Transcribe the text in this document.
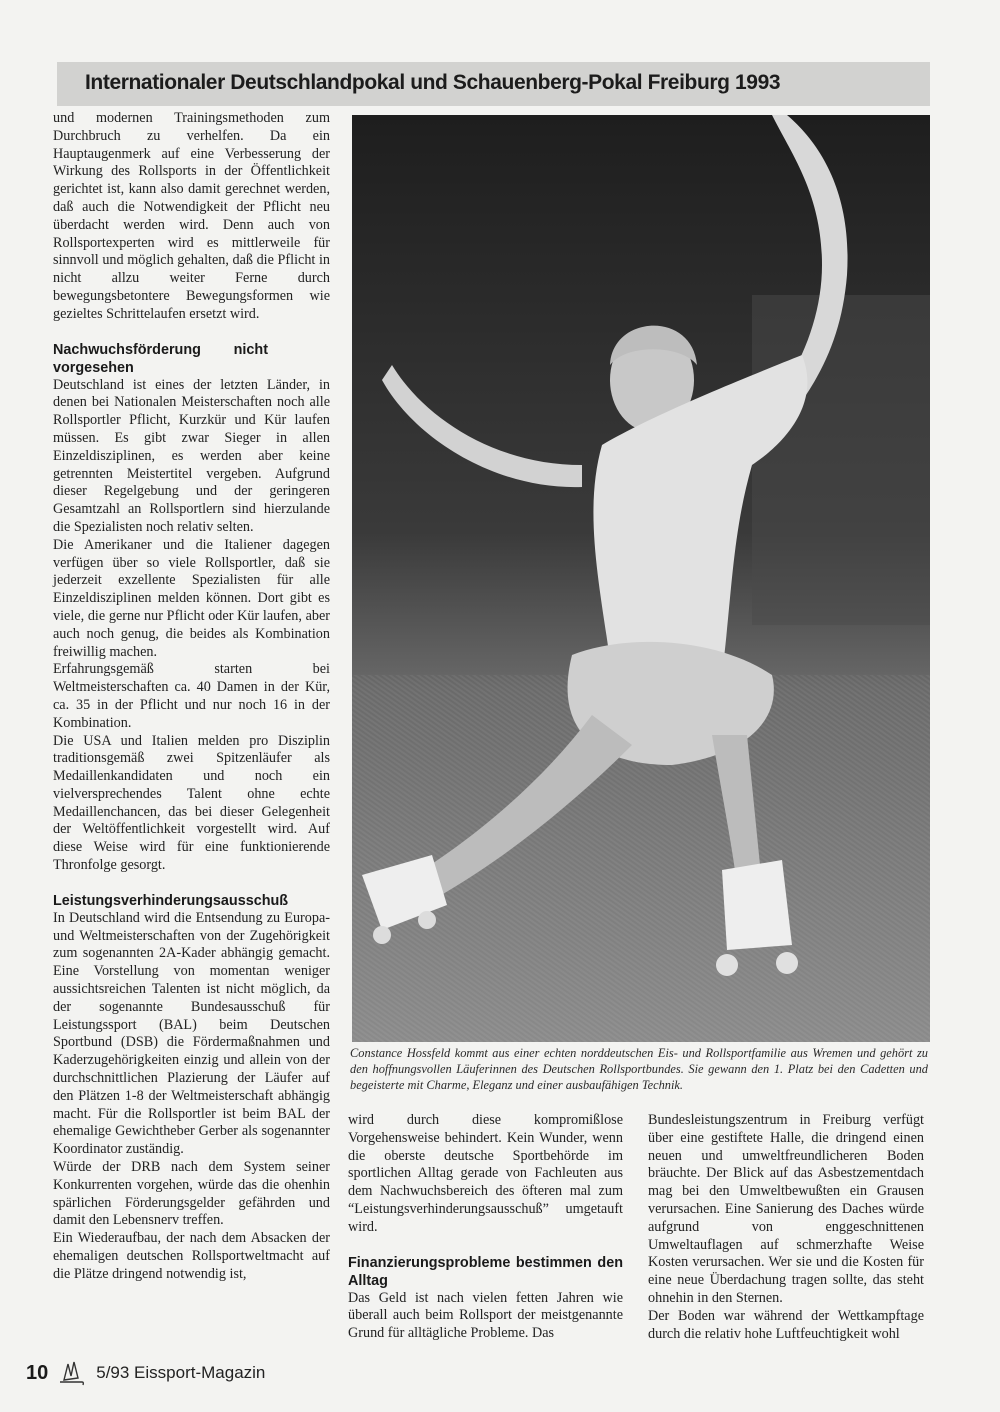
Internationaler Deutschlandpokal und Schauenberg-Pokal Freiburg 1993

und modernen Trainingsmethoden zum Durchbruch zu verhelfen. Da ein Hauptaugenmerk auf eine Verbesserung der Wirkung des Rollsports in der Öffentlichkeit gerichtet ist, kann also damit gerechnet werden, daß auch die Notwendigkeit der Pflicht neu überdacht werden wird. Denn auch von Rollsportexperten wird es mittlerweile für sinnvoll und möglich gehalten, daß die Pflicht in nicht allzu weiter Ferne durch bewegungsbetontere Bewegungsformen wie gezieltes Schrittelaufen ersetzt wird.

Nachwuchsförderung nicht vorgesehen

Deutschland ist eines der letzten Länder, in denen bei Nationalen Meisterschaften noch alle Rollsportler Pflicht, Kurzkür und Kür laufen müssen. Es gibt zwar Sieger in allen Einzeldisziplinen, es werden aber keine getrennten Meistertitel vergeben. Aufgrund dieser Regelgebung und der geringeren Gesamtzahl an Rollsportlern sind hierzulande die Spezialisten noch relativ selten.

Die Amerikaner und die Italiener dagegen verfügen über so viele Rollsportler, daß sie jederzeit exzellente Spezialisten für alle Einzeldisziplinen melden können. Dort gibt es viele, die gerne nur Pflicht oder Kür laufen, aber auch noch genug, die beides als Kombination freiwillig machen.

Erfahrungsgemäß starten bei Weltmeisterschaften ca. 40 Damen in der Kür, ca. 35 in der Pflicht und nur noch 16 in der Kombination.

Die USA und Italien melden pro Disziplin traditionsgemäß zwei Spitzenläufer als Medaillenkandidaten und noch ein vielversprechendes Talent ohne echte Medaillenchancen, das bei dieser Gelegenheit der Weltöffentlichkeit vorgestellt wird. Auf diese Weise wird für eine funktionierende Thronfolge gesorgt.

Leistungsverhinderungsausschuß

In Deutschland wird die Entsendung zu Europa- und Weltmeisterschaften von der Zugehörigkeit zum sogenannten 2A-Kader abhängig gemacht. Eine Vorstellung von momentan weniger aussichtsreichen Talenten ist nicht möglich, da der sogenannte Bundesausschuß für Leistungssport (BAL) beim Deutschen Sportbund (DSB) die Fördermaßnahmen und Kaderzugehörigkeiten einzig und allein von der durchschnittlichen Plazierung der Läufer auf den Plätzen 1-8 der Weltmeisterschaft abhängig macht. Für die Rollsportler ist beim BAL der ehemalige Gewichtheber Gerber als sogenannter Koordinator zuständig.

Würde der DRB nach dem System seiner Konkurrenten vorgehen, würde das die ohenhin spärlichen Förderungsgelder gefährden und damit den Lebensnerv treffen.

Ein Wiederaufbau, der nach dem Absacken der ehemaligen deutschen Rollsportweltmacht auf die Plätze dringend notwendig ist,

Constance Hossfeld kommt aus einer echten norddeutschen Eis- und Rollsportfamilie aus Wremen und gehört zu den hoffnungsvollen Läuferinnen des Deutschen Rollsportbundes. Sie gewann den 1. Platz bei den Cadetten und begeisterte mit Charme, Eleganz und einer ausbaufähigen Technik.

wird durch diese kompromißlose Vorgehensweise behindert. Kein Wunder, wenn die oberste deutsche Sportbehörde im sportlichen Alltag gerade von Fachleuten aus dem Nachwuchsbereich des öfteren mal zum “Leistungsverhinderungsausschuß” umgetauft wird.

Finanzierungsprobleme bestimmen den Alltag

Das Geld ist nach vielen fetten Jahren wie überall auch beim Rollsport der meistgenannte Grund für alltägliche Probleme. Das

Bundesleistungszentrum in Freiburg verfügt über eine gestiftete Halle, die dringend einen neuen und umweltfreundlicheren Boden bräuchte. Der Blick auf das Asbestzementdach mag bei den Umweltbewußten ein Grausen verursachen. Eine Sanierung des Daches würde aufgrund von enggeschnittenen Umweltauflagen auf schmerzhafte Weise Kosten verursachen. Wer sie und die Kosten für eine neue Überdachung tragen sollte, das steht ohnehin in den Sternen.

Der Boden war während der Wettkampftage durch die relativ hohe Luftfeuchtigkeit wohl

10	5/93 Eissport-Magazin
